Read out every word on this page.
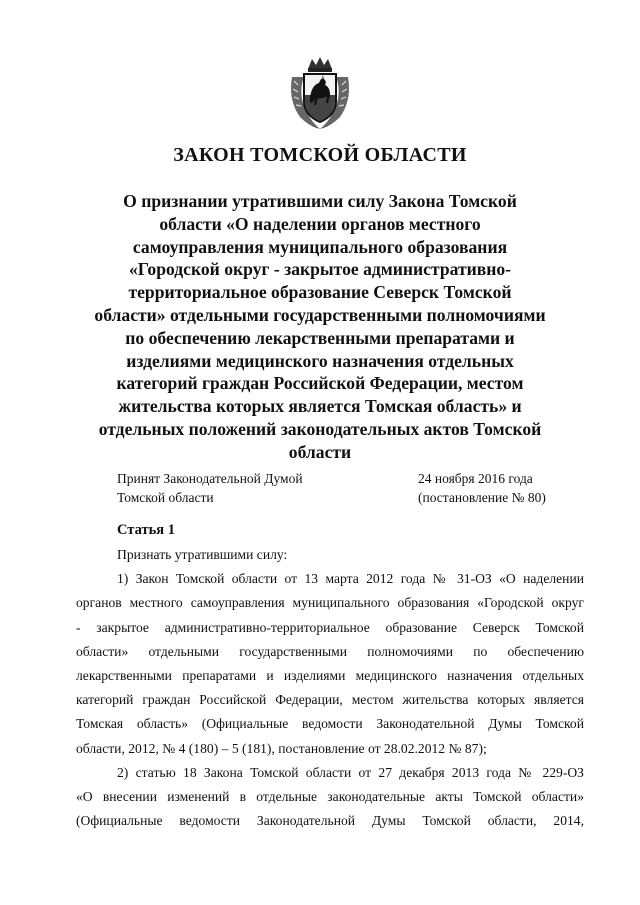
ЗАКОН ТОМСКОЙ ОБЛАСТИ
О признании утратившими силу Закона Томской
области «О наделении органов местного
самоуправления муниципального образования
«Городской округ - закрытое административно-
территориальное образование Северск Томской
области» отдельными государственными полномочиями
по обеспечению лекарственными препаратами и
изделиями медицинского назначения отдельных
категорий граждан Российской Федерации, местом
жительства которых является Томская область» и
отдельных положений законодательных актов Томской
области

Принят Законодательной Думой
Томской области

24 ноября 2016 года
(постановление № 80)

Статья 1
Признать утратившими силу:
1) Закон Томской области от 13 марта 2012 года № 31-ОЗ «О наделении
органов местного самоуправления муниципального образования «Городской округ
- закрытое административно-территориальное образование Северск Томской
области» отдельными государственными полномочиями по обеспечению
лекарственными препаратами и изделиями медицинского назначения отдельных
категорий граждан Российской Федерации, местом жительства которых является
Томская область» (Официальные ведомости Законодательной Думы Томской
области, 2012, № 4 (180) – 5 (181), постановление от 28.02.2012 № 87);
2) статью 18 Закона Томской области от 27 декабря 2013 года № 229-ОЗ
«О внесении изменений в отдельные законодательные акты Томской области»
(Официальные ведомости Законодательной Думы Томской области, 2014,
